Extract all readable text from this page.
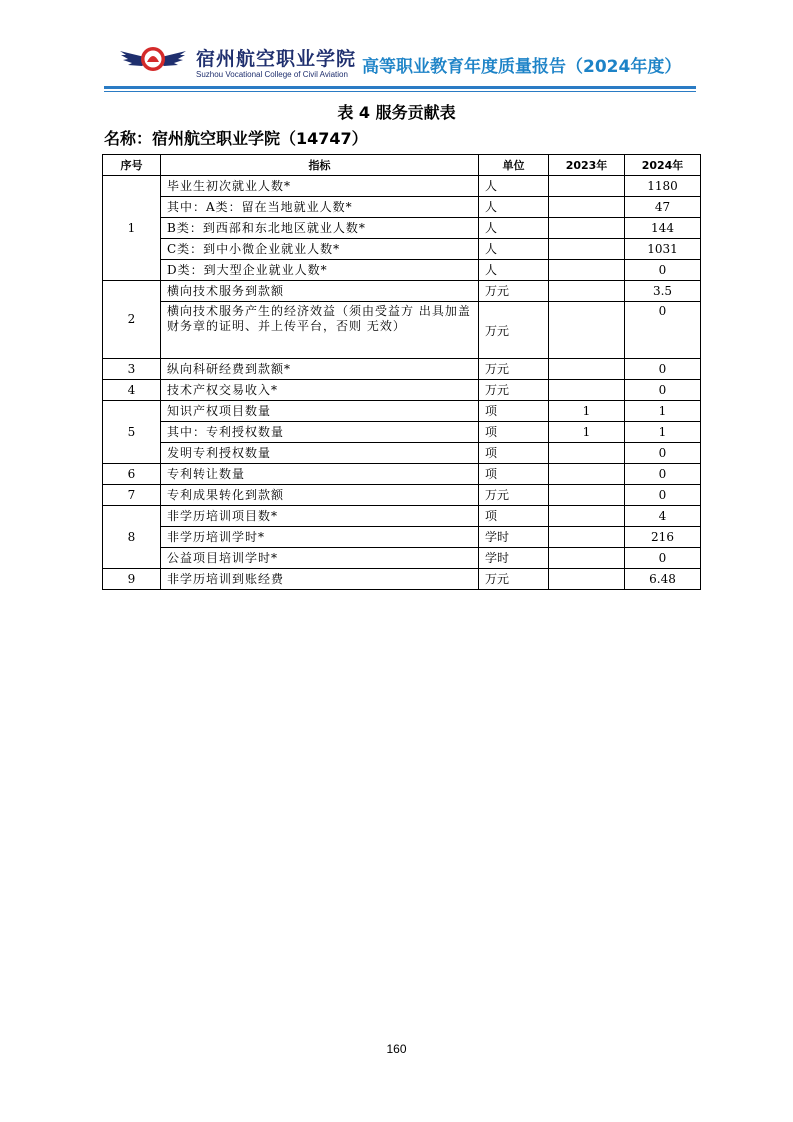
宿州航空职业学院
Suzhou Vocational College of Civil Aviation 高等职业教育年度质量报告（2024年度）
表 4 服务贡献表
名称：宿州航空职业学院（14747）
序号	指标	单位	2023年	2024年
1	毕业生初次就业人数*	人		1180
	其中：A类：留在当地就业人数*	人		47
	B类：到西部和东北地区就业人数*	人		144
	C类：到中小微企业就业人数*	人		1031
	D类：到大型企业就业人数*	人		0
2	横向技术服务到款额	万元		3.5
	横向技术服务产生的经济效益（须由受益方 出具加盖财务章的证明、并上传平台，否则 无效）	万元		0
3	纵向科研经费到款额*	万元		0
4	技术产权交易收入*	万元		0
5	知识产权项目数量	项	1	1
	其中：专利授权数量	项	1	1
	发明专利授权数量	项		0
6	专利转让数量	项		0
7	专利成果转化到款额	万元		0
8	非学历培训项目数*	项		4
	非学历培训学时*	学时		216
	公益项目培训学时*	学时		0
9	非学历培训到账经费	万元		6.48
160
